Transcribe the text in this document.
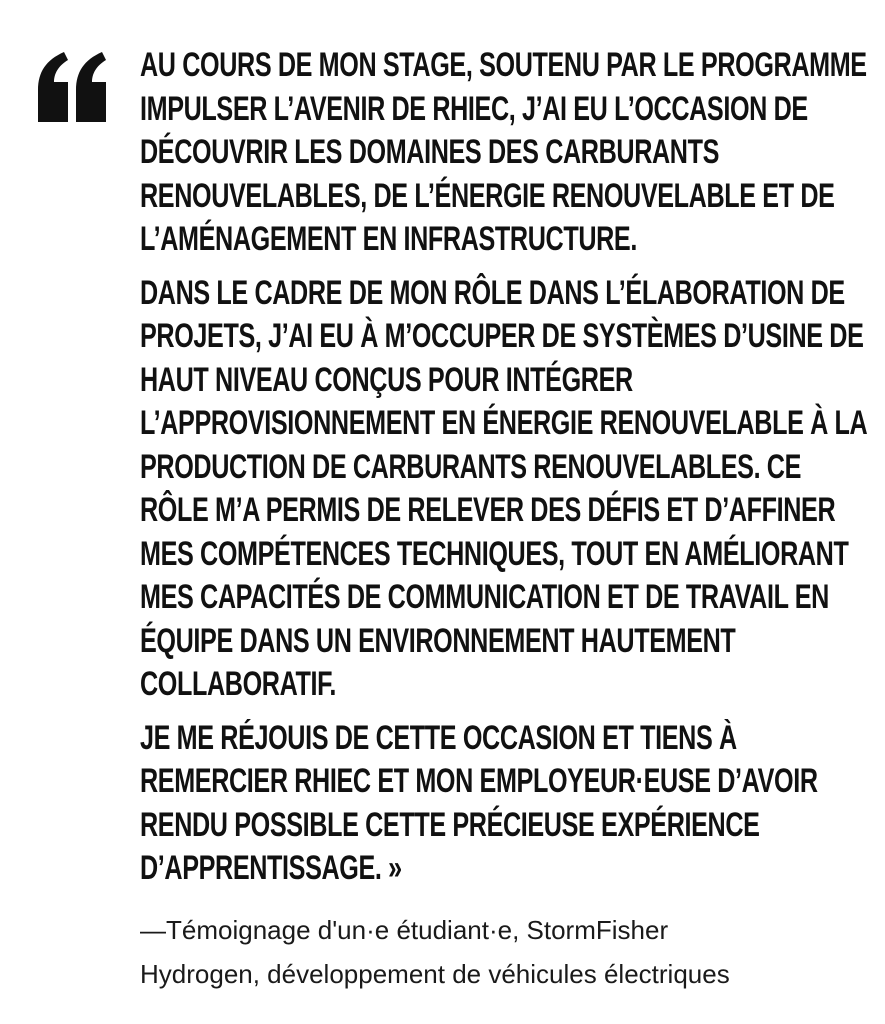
AU COURS DE MON STAGE, SOUTENU PAR LE PROGRAMME IMPULSER L’AVENIR DE RHIEC, J’AI EU L’OCCASION DE DÉCOUVRIR LES DOMAINES DES CARBURANTS RENOUVELABLES, DE L’ÉNERGIE RENOUVELABLE ET DE L’AMÉNAGEMENT EN INFRASTRUCTURE.

DANS LE CADRE DE MON RÔLE DANS L’ÉLABORATION DE PROJETS, J’AI EU À M’OCCUPER DE SYSTÈMES D’USINE DE HAUT NIVEAU CONÇUS POUR INTÉGRER L’APPROVISIONNEMENT EN ÉNERGIE RENOUVELABLE À LA PRODUCTION DE CARBURANTS RENOUVELABLES. CE RÔLE M’A PERMIS DE RELEVER DES DÉFIS ET D’AFFINER MES COMPÉTENCES TECHNIQUES, TOUT EN AMÉLIORANT MES CAPACITÉS DE COMMUNICATION ET DE TRAVAIL EN ÉQUIPE DANS UN ENVIRONNEMENT HAUTEMENT COLLABORATIF.

JE ME RÉJOUIS DE CETTE OCCASION ET TIENS À REMERCIER RHIEC ET MON EMPLOYEUR·EUSE D’AVOIR RENDU POSSIBLE CETTE PRÉCIEUSE EXPÉRIENCE D’APPRENTISSAGE. »

—Témoignage d'un·e étudiant·e, StormFisher
Hydrogen, développement de véhicules électriques
